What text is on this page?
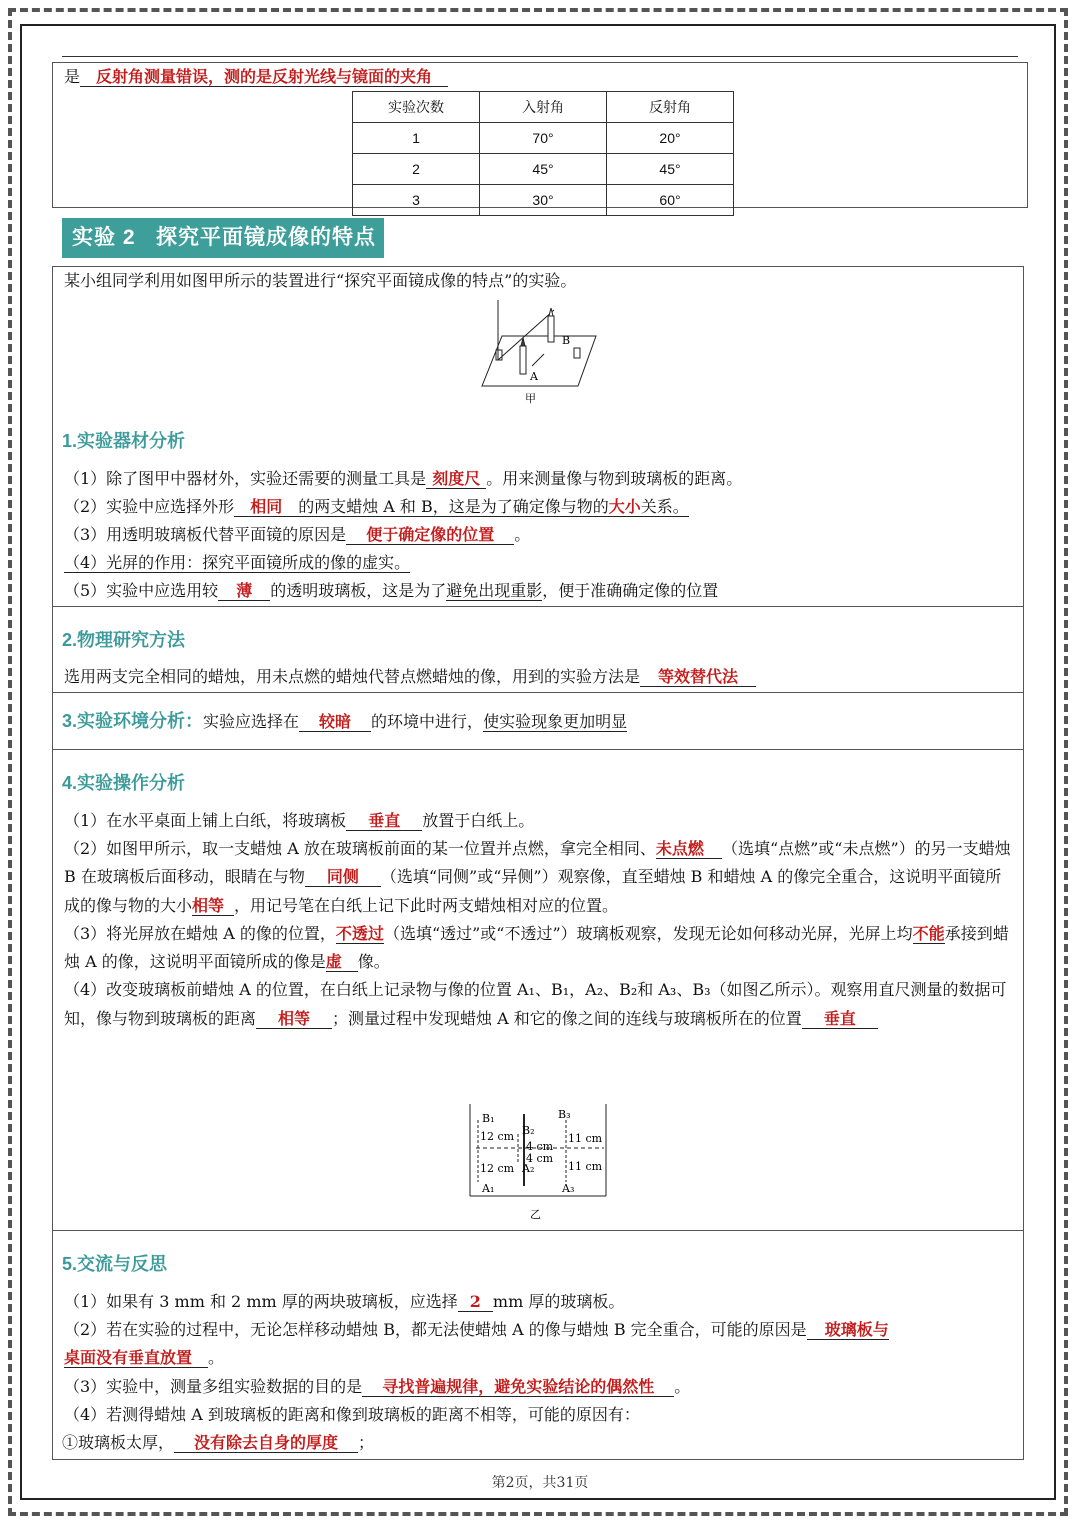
是 反射角测量错误，测的是反射光线与镜面的夹角
实验次数	入射角	反射角
1	70°	20°
2	45°	45°
3	30°	60°
实验 2   探究平面镜成像的特点
某小组同学利用如图甲所示的装置进行“探究平面镜成像的特点”的实验。
B
A
甲
1.实验器材分析
（1）除了图甲中器材外，实验还需要的测量工具是 刻度尺 。用来测量像与物到玻璃板的距离。
（2）实验中应选择外形 相同 的两支蜡烛 A 和 B，这是为了确定像与物的大小关系。
（3）用透明玻璃板代替平面镜的原因是 便于确定像的位置 。
（4）光屏的作用：探究平面镜所成的像的虚实。
（5）实验中应选用较 薄 的透明玻璃板，这是为了避免出现重影，便于准确确定像的位置
2.物理研究方法
选用两支完全相同的蜡烛，用未点燃的蜡烛代替点燃蜡烛的像，用到的实验方法是 等效替代法
3.实验环境分析：实验应选择在 较暗 的环境中进行，使实验现象更加明显
4.实验操作分析
（1）在水平桌面上铺上白纸，将玻璃板 垂直 放置于白纸上。
（2）如图甲所示，取一支蜡烛 A 放在玻璃板前面的某一位置并点燃，拿完全相同、未点燃 （选填“点燃”或“未点燃”）的另一支蜡烛 B 在玻璃板后面移动，眼睛在与物 同侧 （选填“同侧”或“异侧”）观察像，直至蜡烛 B 和蜡烛 A 的像完全重合，这说明平面镜所成的像与物的大小相等 ，用记号笔在白纸上记下此时两支蜡烛相对应的位置。
（3）将光屏放在蜡烛 A 的像的位置，不透过（选填“透过”或“不透过”）玻璃板观察，发现无论如何移动光屏，光屏上均不能承接到蜡烛 A 的像，这说明平面镜所成的像是虚 像。
（4）改变玻璃板前蜡烛 A 的位置，在白纸上记录物与像的位置 A₁、B₁，A₂、B₂和 A₃、B₃（如图乙所示）。观察用直尺测量的数据可知，像与物到玻璃板的距离 相等 ；测量过程中发现蜡烛 A 和它的像之间的连线与玻璃板所在的位置 垂直
B₁
B₂
B₃
12 cm
12 cm
4 cm
4 cm
11 cm
11 cm
A₁
A₂
A₃
乙
5.交流与反思
（1）如果有 3 mm 和 2 mm 厚的两块玻璃板，应选择 2 mm 厚的玻璃板。
（2）若在实验的过程中，无论怎样移动蜡烛 B，都无法使蜡烛 A 的像与蜡烛 B 完全重合，可能的原因是 玻璃板与
桌面没有垂直放置 。
（3）实验中，测量多组实验数据的目的是 寻找普遍规律，避免实验结论的偶然性 。
（4）若测得蜡烛 A 到玻璃板的距离和像到玻璃板的距离不相等，可能的原因有：
①玻璃板太厚， 没有除去自身的厚度 ；
第2页，共31页
